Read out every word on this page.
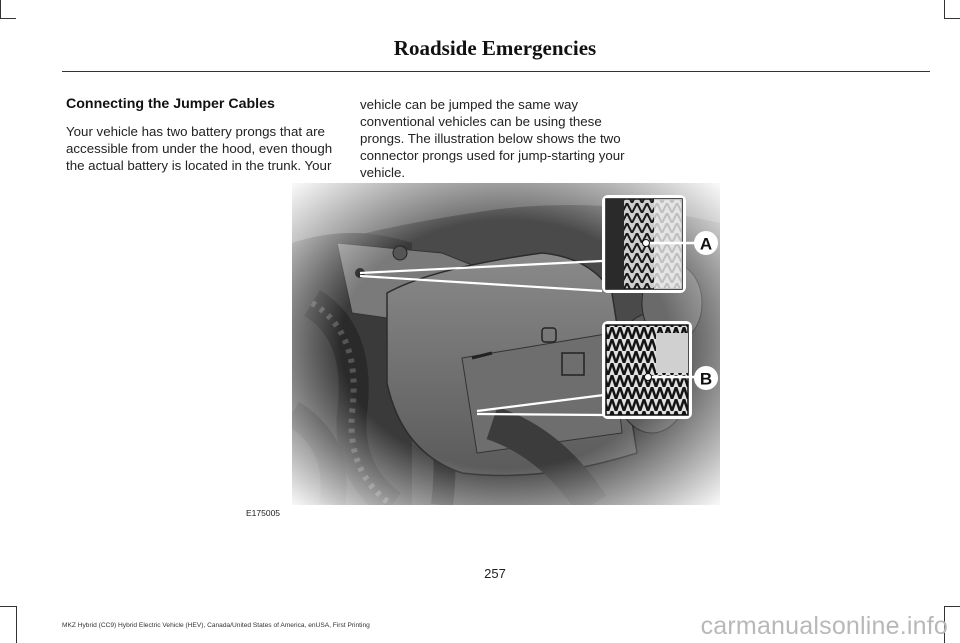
Roadside Emergencies
Connecting the Jumper Cables

Your vehicle has two battery prongs that are accessible from under the hood, even though the actual battery is located in the trunk. Your

vehicle can be jumped the same way conventional vehicles can be using these prongs. The illustration below shows the two connector prongs used for jump-starting your vehicle.

A
B
E175005
257
MKZ Hybrid (CC9) Hybrid Electric Vehicle (HEV), Canada/United States of America, enUSA, First Printing	carmanualsonline.info
